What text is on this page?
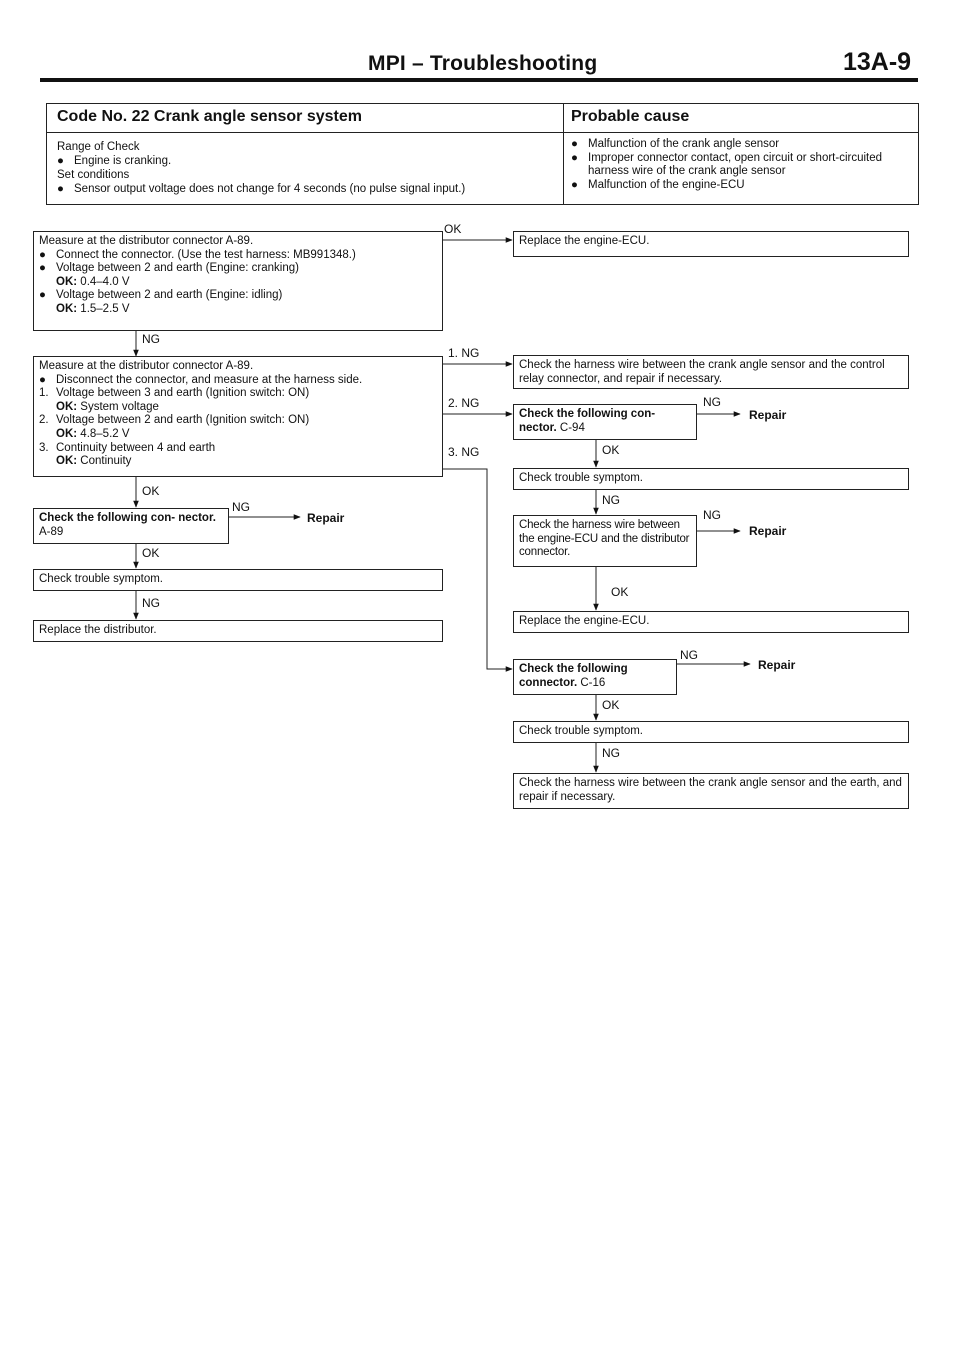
MPI – Troubleshooting	13A-9
Code No. 22 Crank angle sensor system	Probable cause
Range of Check
● Engine is cranking.
Set conditions
● Sensor output voltage does not change for 4 seconds (no pulse signal input.)
● Malfunction of the crank angle sensor
● Improper connector contact, open circuit or short-circuited harness wire of the crank angle sensor
● Malfunction of the engine-ECU
Measure at the distributor connector A-89.
● Connect the connector. (Use the test harness: MB991348.)
● Voltage between 2 and earth (Engine: cranking)
OK: 0.4–4.0 V
● Voltage between 2 and earth (Engine: idling)
OK: 1.5–2.5 V
OK
NG
Measure at the distributor connector A-89.
● Disconnect the connector, and measure at the harness side.
1. Voltage between 3 and earth (Ignition switch: ON)
OK: System voltage
2. Voltage between 2 and earth (Ignition switch: ON)
OK: 4.8–5.2 V
3. Continuity between 4 and earth
OK: Continuity
1. NG
2. NG
3. NG
OK
Check the following con- nector. A-89
NG
Repair
OK
Check trouble symptom.
NG
Replace the distributor.
Replace the engine-ECU.
Check the harness wire between the crank angle sensor and the control relay connector, and repair if necessary.
Check the following con- nector. C-94
NG
Repair
OK
Check trouble symptom.
NG
Check the harness wire between the engine-ECU and the distributor connector.
NG
Repair
OK
Replace the engine-ECU.
Check the following connector. C-16
NG
Repair
OK
Check trouble symptom.
NG
Check the harness wire between the crank angle sensor and the earth, and repair if necessary.
